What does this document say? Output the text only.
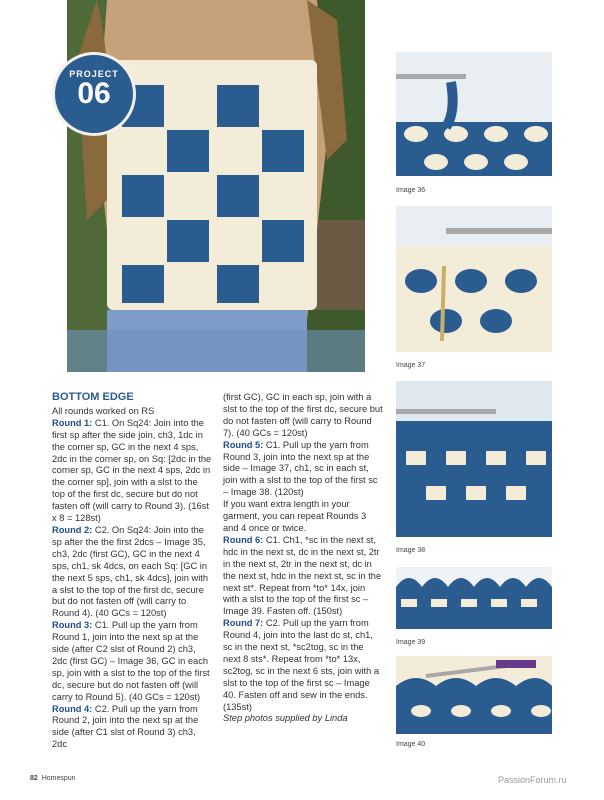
PROJECT
06
BOTTOM EDGE

All rounds worked on RS

Round 1: C1. On Sq24: Join into the first sp after the side join, ch3, 1dc in the corner sp, GC in the next 4 sps, 2dc in the corner sp, on Sq: [2dc in the corner sp, GC in the next 4 sps, 2dc in the corner sp], join with a slst to the top of the first dc, secure but do not fasten off (will carry to Round 3). (16st x 8 = 128st)

Round 2: C2. On Sq24: Join into the sp after the the first 2dcs – Image 35, ch3, 2dc (first GC), GC in the next 4 sps, ch1, sk 4dcs, on each Sq: [GC in the next 5 sps, ch1, sk 4dcs], join with a slst to the top of the first dc, secure but do not fasten off (will carry to Round 4). (40 GCs = 120st)

Round 3: C1. Pull up the yarn from Round 1, join into the next sp at the side (after C2 slst of Round 2) ch3, 2dc (first GC) – Image 36, GC in each sp, join with a slst to the top of the first dc, secure but do not fasten off (will carry to Round 5). (40 GCs = 120st)

Round 4: C2. Pull up the yarn from Round 2, join into the next sp at the side (after C1 slst of Round 3) ch3, 2dc

(first GC), GC in each sp, join with a slst to the top of the first dc, secure but do not fasten off (will carry to Round 7). (40 GCs = 120st)

Round 5: C1. Pull up the yarn from Round 3, join into the next sp at the side – Image 37, ch1, sc in each st, join with a slst to the top of the first sc – Image 38. (120st)

If you want extra length in your garment, you can repeat Rounds 3 and 4 once or twice.

Round 6: C1. Ch1, *sc in the next st, hdc in the next st, dc in the next st, 2tr in the next st, 2tr in the next st, dc in the next st, hdc in the next st, sc in the next st*. Repeat from *to* 14x, join with a slst to the top of the first sc – Image 39. Fasten off. (150st)

Round 7: C2. Pull up the yarn from Round 4, join into the last dc st, ch1, sc in the next st, *sc2tog, sc in the next 8 sts*. Repeat from *to* 13x, sc2tog, sc in the next 6 sts, join with a slst to the top of the first sc – Image 40. Fasten off and sew in the ends. (135st)

Step photos supplied by Linda

Image 36
Image 37
Image 38
Image 39
Image 40
82 Homespun	PassionForum.ru
